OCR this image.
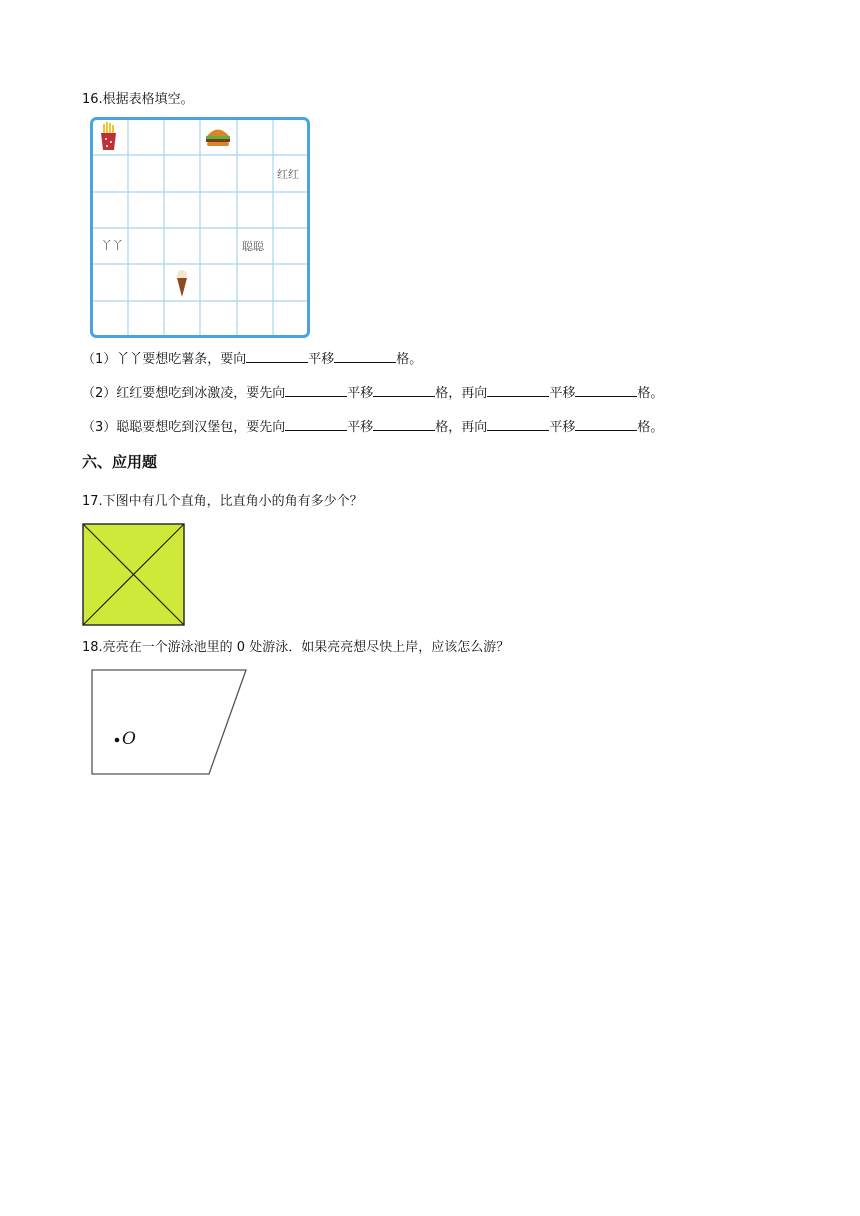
16.根据表格填空。
红红
丫丫	聪聪
（1）丫丫要想吃薯条，要向	平移	格。
（2）红红要想吃到冰激凌，要先向	平移	格，再向	平移	格。
（3）聪聪要想吃到汉堡包，要先向	平移	格，再向	平移	格。
六、应用题
17.下图中有几个直角，比直角小的角有多少个？
18.亮亮在一个游泳池里的 0 处游泳．如果亮亮想尽快上岸，应该怎么游？
O
